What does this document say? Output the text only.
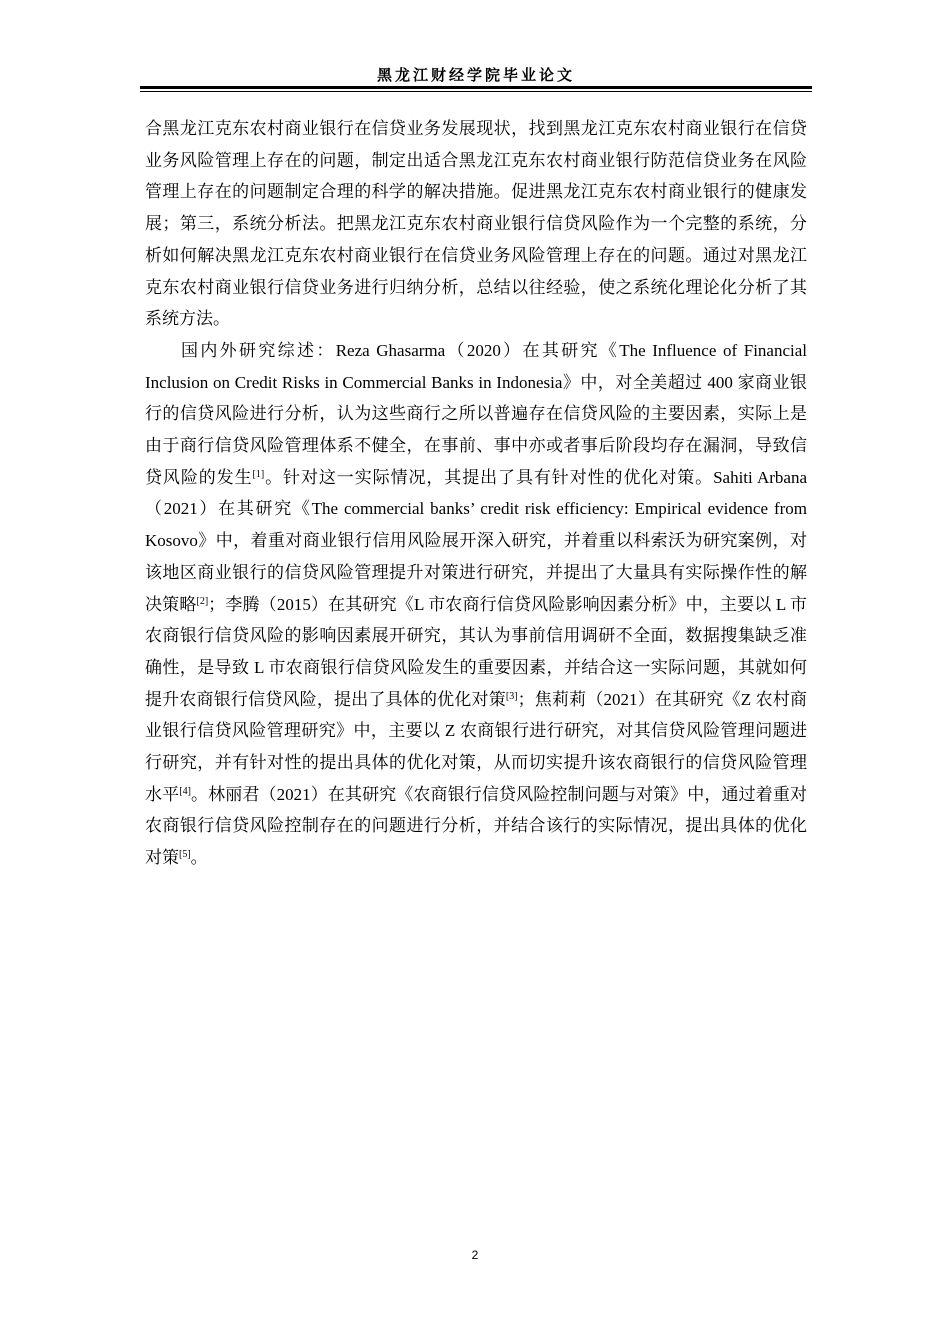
黑龙江财经学院毕业论文

合黑龙江克东农村商业银行在信贷业务发展现状，找到黑龙江克东农村商业银行在信贷业务风险管理上存在的问题，制定出适合黑龙江克东农村商业银行防范信贷业务在风险管理上存在的问题制定合理的科学的解决措施。促进黑龙江克东农村商业银行的健康发展；第三，系统分析法。把黑龙江克东农村商业银行信贷风险作为一个完整的系统，分析如何解决黑龙江克东农村商业银行在信贷业务风险管理上存在的问题。通过对黑龙江克东农村商业银行信贷业务进行归纳分析，总结以往经验，使之系统化理论化分析了其系统方法。

国内外研究综述：Reza Ghasarma（2020）在其研究《The Influence of Financial Inclusion on Credit Risks in Commercial Banks in Indonesia》中，对全美超过 400 家商业银行的信贷风险进行分析，认为这些商行之所以普遍存在信贷风险的主要因素，实际上是由于商行信贷风险管理体系不健全，在事前、事中亦或者事后阶段均存在漏洞，导致信贷风险的发生[1]。针对这一实际情况，其提出了具有针对性的优化对策。Sahiti Arbana（2021）在其研究《The commercial banks’ credit risk efficiency: Empirical evidence from Kosovo》中，着重对商业银行信用风险展开深入研究，并着重以科索沃为研究案例，对该地区商业银行的信贷风险管理提升对策进行研究，并提出了大量具有实际操作性的解决策略[2]；李腾（2015）在其研究《L 市农商行信贷风险影响因素分析》中，主要以 L 市农商银行信贷风险的影响因素展开研究，其认为事前信用调研不全面，数据搜集缺乏准确性，是导致 L 市农商银行信贷风险发生的重要因素，并结合这一实际问题，其就如何提升农商银行信贷风险，提出了具体的优化对策[3]；焦莉莉（2021）在其研究《Z 农村商业银行信贷风险管理研究》中，主要以 Z 农商银行进行研究，对其信贷风险管理问题进行研究，并有针对性的提出具体的优化对策，从而切实提升该农商银行的信贷风险管理水平[4]。林丽君（2021）在其研究《农商银行信贷风险控制问题与对策》中，通过着重对农商银行信贷风险控制存在的问题进行分析，并结合该行的实际情况，提出具体的优化对策[5]。

2
